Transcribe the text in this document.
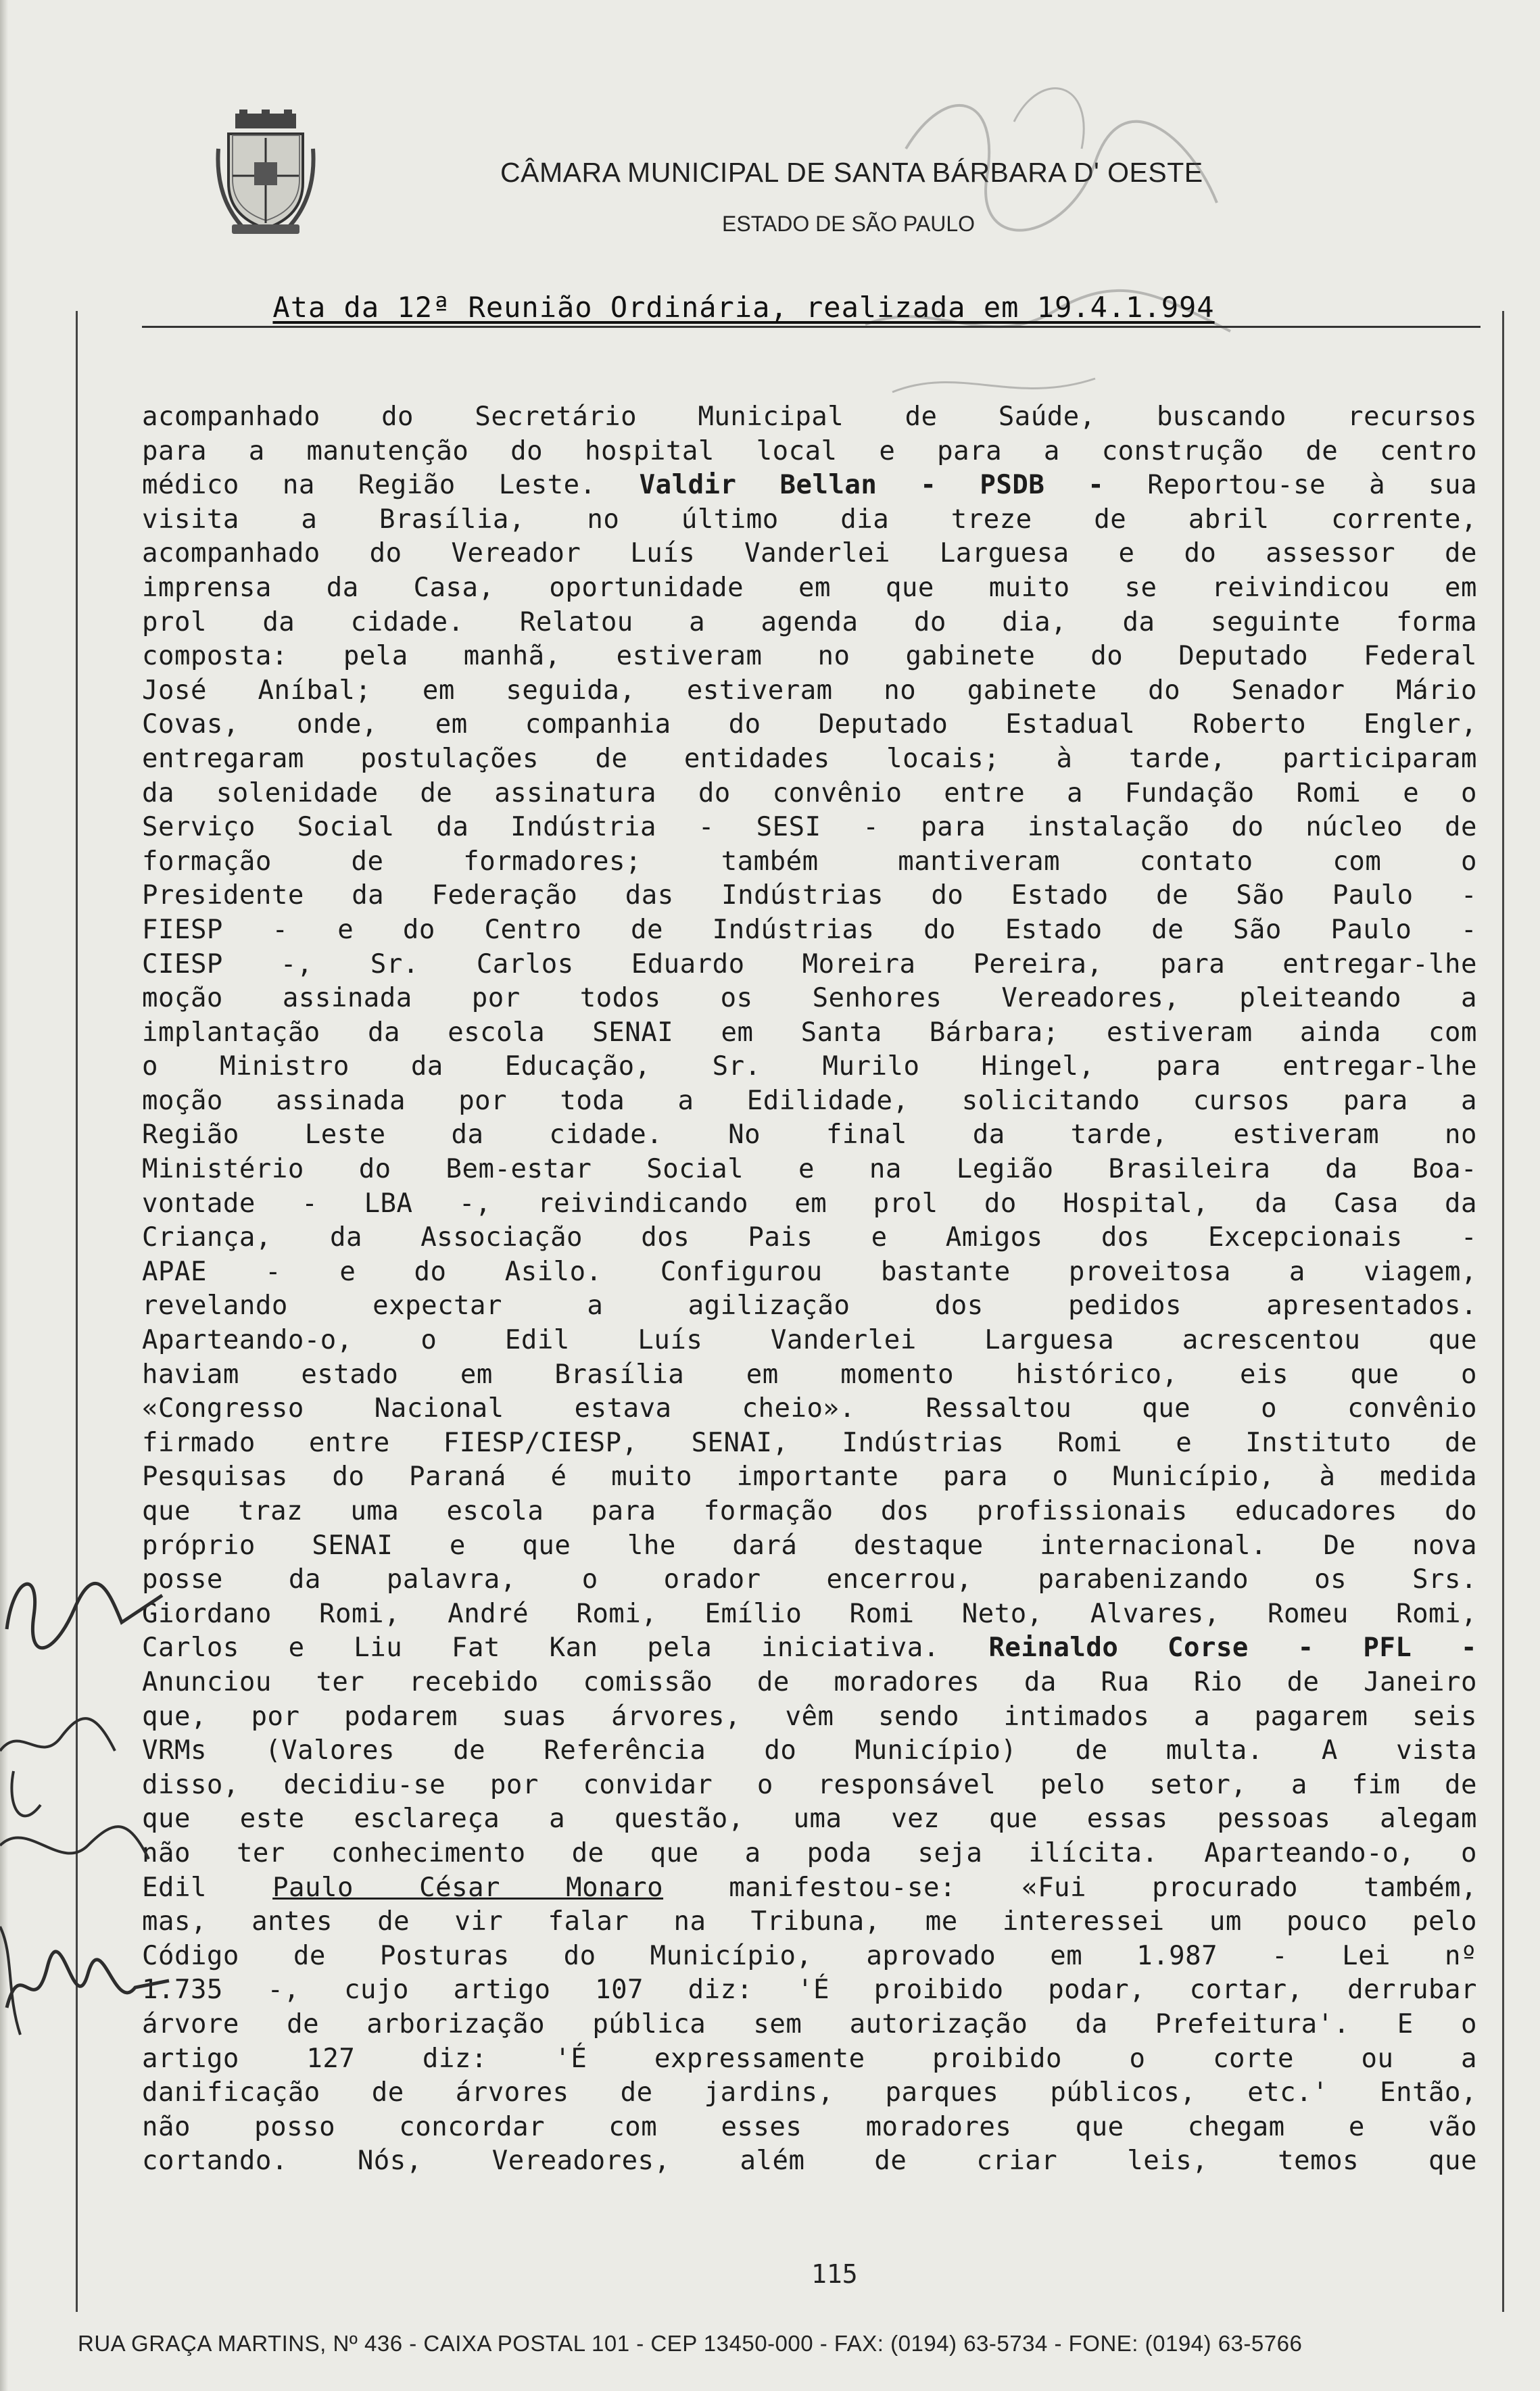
CÂMARA MUNICIPAL DE SANTA BÁRBARA D' OESTE
ESTADO DE SÃO PAULO
Ata da 12ª Reunião Ordinária, realizada em 19.4.1.994
acompanhado do Secretário Municipal de Saúde, buscando recursos
para a manutenção do hospital local e para a construção de centro
médico na Região Leste. Valdir Bellan - PSDB - Reportou-se à sua
visita a Brasília, no último dia treze de abril corrente,
acompanhado do Vereador Luís Vanderlei Larguesa e do assessor de
imprensa da Casa, oportunidade em que muito se reivindicou em
prol da cidade. Relatou a agenda do dia, da seguinte forma
composta: pela manhã, estiveram no gabinete do Deputado Federal
José Aníbal; em seguida, estiveram no gabinete do Senador Mário
Covas, onde, em companhia do Deputado Estadual Roberto Engler,
entregaram postulações de entidades locais; à tarde, participaram
da solenidade de assinatura do convênio entre a Fundação Romi e o
Serviço Social da Indústria - SESI - para instalação do núcleo de
formação de formadores; também mantiveram contato com o
Presidente da Federação das Indústrias do Estado de São Paulo -
FIESP - e do Centro de Indústrias do Estado de São Paulo -
CIESP -, Sr. Carlos Eduardo Moreira Pereira, para entregar-lhe
moção assinada por todos os Senhores Vereadores, pleiteando a
implantação da escola SENAI em Santa Bárbara; estiveram ainda com
o Ministro da Educação, Sr. Murilo Hingel, para entregar-lhe
moção assinada por toda a Edilidade, solicitando cursos para a
Região Leste da cidade. No final da tarde, estiveram no
Ministério do Bem-estar Social e na Legião Brasileira da Boa-
vontade - LBA -, reivindicando em prol do Hospital, da Casa da
Criança, da Associação dos Pais e Amigos dos Excepcionais -
APAE - e do Asilo. Configurou bastante proveitosa a viagem,
revelando expectar a agilização dos pedidos apresentados.
Aparteando-o, o Edil Luís Vanderlei Larguesa acrescentou que
haviam estado em Brasília em momento histórico, eis que o
«Congresso Nacional estava cheio». Ressaltou que o convênio
firmado entre FIESP/CIESP, SENAI, Indústrias Romi e Instituto de
Pesquisas do Paraná é muito importante para o Município, à medida
que traz uma escola para formação dos profissionais educadores do
próprio SENAI e que lhe dará destaque internacional. De nova
posse da palavra, o orador encerrou, parabenizando os Srs.
Giordano Romi, André Romi, Emílio Romi Neto, Alvares, Romeu Romi,
Carlos e Liu Fat Kan pela iniciativa. Reinaldo Corse - PFL -
Anunciou ter recebido comissão de moradores da Rua Rio de Janeiro
que, por podarem suas árvores, vêm sendo intimados a pagarem seis
VRMs (Valores de Referência do Município) de multa. A vista
disso, decidiu-se por convidar o responsável pelo setor, a fim de
que este esclareça a questão, uma vez que essas pessoas alegam
não ter conhecimento de que a poda seja ilícita. Aparteando-o, o
Edil Paulo César Monaro manifestou-se: «Fui procurado também,
mas, antes de vir falar na Tribuna, me interessei um pouco pelo
Código de Posturas do Município, aprovado em 1.987 - Lei nº
1.735 -, cujo artigo 107 diz: 'É proibido podar, cortar, derrubar
árvore de arborização pública sem autorização da Prefeitura'. E o
artigo 127 diz: 'É expressamente proibido o corte ou a
danificação de árvores de jardins, parques públicos, etc.' Então,
não posso concordar com esses moradores que chegam e vão
cortando. Nós, Vereadores, além de criar leis, temos que
115
RUA GRAÇA MARTINS, Nº 436 - CAIXA POSTAL 101 - CEP 13450-000 - FAX: (0194) 63-5734 - FONE: (0194) 63-5766
